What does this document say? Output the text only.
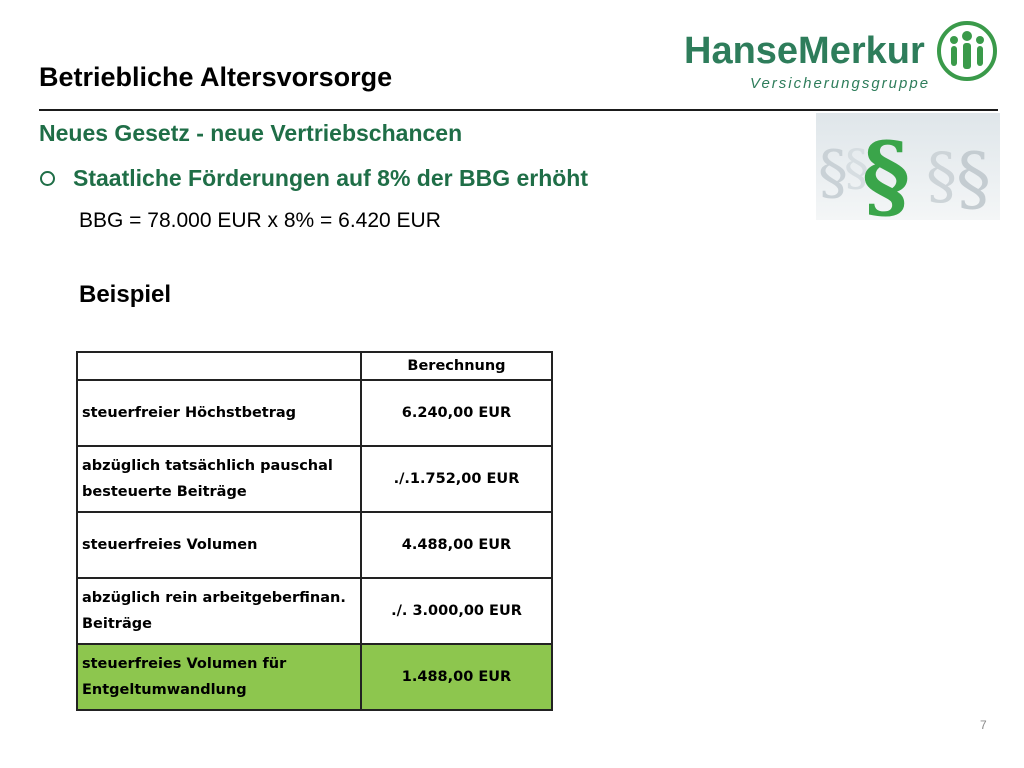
Betriebliche Altersvorsorge
HanseMerkur
Versicherungsgruppe
Neues Gesetz - neue Vertriebschancen
Staatliche Förderungen auf 8% der BBG erhöht
BBG = 78.000 EUR x 8% = 6.420 EUR
Beispiel
§
§ § §
§
	Berechnung
steuerfreier Höchstbetrag	6.240,00 EUR
abzüglich tatsächlich pauschal besteuerte Beiträge	./.1.752,00 EUR
steuerfreies Volumen	4.488,00 EUR
abzüglich rein arbeitgeberfinan. Beiträge	./. 3.000,00 EUR
steuerfreies Volumen für Entgeltumwandlung	1.488,00 EUR
7
